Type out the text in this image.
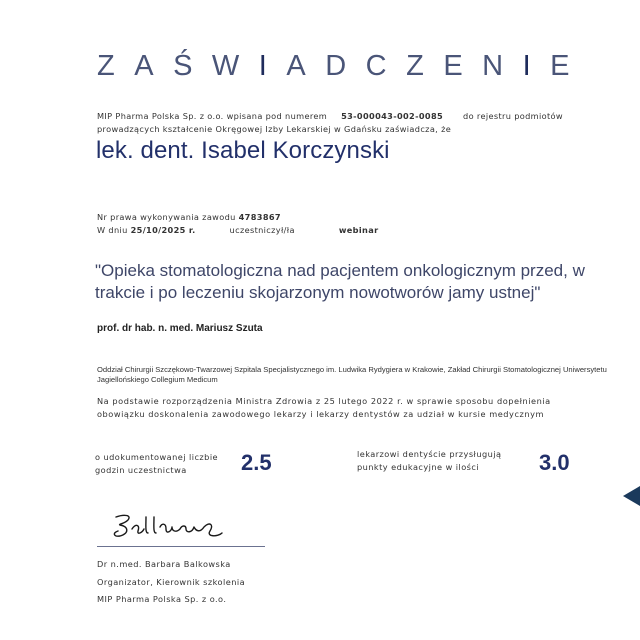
ZAŚWIADCZENIE
MIP Pharma Polska Sp. z o.o. wpisana pod numerem 53-000043-002-0085 do rejestru podmiotów
prowadzących kształcenie Okręgowej Izby Lekarskiej w Gdańsku zaświadcza, że
lek. dent. Isabel Korczynski
Nr prawa wykonywania zawodu 4783867
W dniu 25/10/2025 r.	uczestniczył/ła	webinar
"Opieka stomatologiczna nad pacjentem onkologicznym przed, w trakcie i po leczeniu skojarzonym nowotworów jamy ustnej"
prof. dr hab. n. med. Mariusz Szuta
Oddział Chirurgii Szczękowo-Twarzowej Szpitala Specjalistycznego im. Ludwika Rydygiera w Krakowie, Zakład Chirurgii Stomatologicznej Uniwersytetu Jagiellońskiego Collegium Medicum
Na podstawie rozporządzenia Ministra Zdrowia z 25 lutego 2022 r. w sprawie sposobu dopełnienia
obowiązku doskonalenia zawodowego lekarzy i lekarzy dentystów za udział w kursie medycznym
o udokumentowanej liczbie
godzin uczestnictwa	2.5	lekarzowi dentyście przysługują
punkty edukacyjne w ilości	3.0
Dr n.med. Barbara Balkowska
Organizator, Kierownik szkolenia
MIP Pharma Polska Sp. z o.o.
